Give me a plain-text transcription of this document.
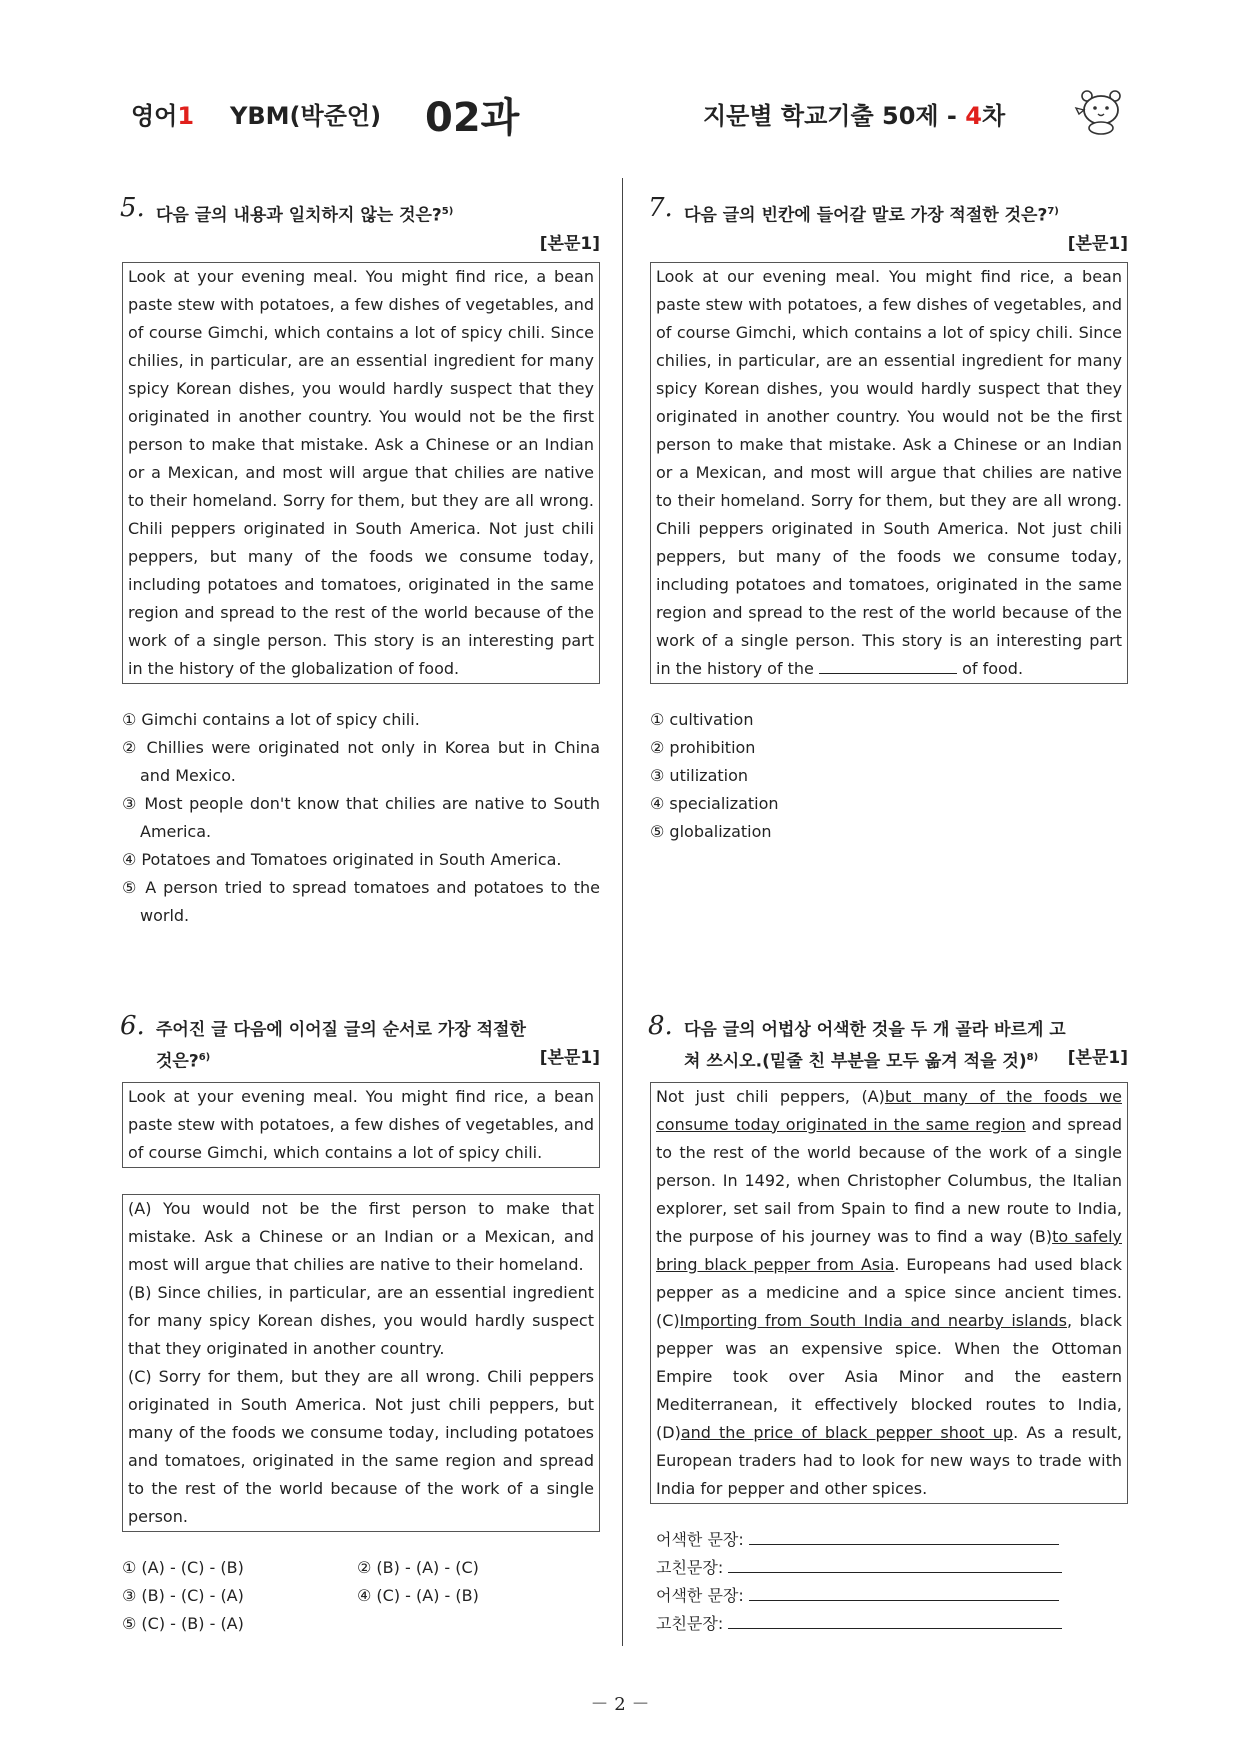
영어1 YBM(박준언) 02과	지문별 학교기출 50제 - 4차
5. 다음 글의 내용과 일치하지 않는 것은?$^{5)}$
[본문1]

Look at your evening meal. You might find rice, a bean paste stew with potatoes, a few dishes of vegetables, and of course Gimchi, which contains a lot of spicy chili. Since chilies, in particular, are an essential ingredient for many spicy Korean dishes, you would hardly suspect that they originated in another country. You would not be the first person to make that mistake. Ask a Chinese or an Indian or a Mexican, and most will argue that chilies are native to their homeland. Sorry for them, but they are all wrong. Chili peppers originated in South America. Not just chili peppers, but many of the foods we consume today, including potatoes and tomatoes, originated in the same region and spread to the rest of the world because of the work of a single person. This story is an interesting part in the history of the globalization of food.

① Gimchi contains a lot of spicy chili.
② Chillies were originated not only in Korea but in China and Mexico.
③ Most people don't know that chilies are native to South America.
④ Potatoes and Tomatoes originated in South America.
⑤ A person tried to spread tomatoes and potatoes to the world.
6. 주어진 글 다음에 이어질 글의 순서로 가장 적절한 것은?$^{6)}$	[본문1]

Look at your evening meal. You might find rice, a bean paste stew with potatoes, a few dishes of vegetables, and of course Gimchi, which contains a lot of spicy chili.

(A) You would not be the first person to make that mistake. Ask a Chinese or an Indian or a Mexican, and most will argue that chilies are native to their homeland.

(B) Since chilies, in particular, are an essential ingredient for many spicy Korean dishes, you would hardly suspect that they originated in another country.

(C) Sorry for them, but they are all wrong. Chili peppers originated in South America. Not just chili peppers, but many of the foods we consume today, including potatoes and tomatoes, originated in the same region and spread to the rest of the world because of the work of a single person.

① (A) - (C) - (B)	② (B) - (A) - (C)
③ (B) - (C) - (A)	④ (C) - (A) - (B)
⑤ (C) - (B) - (A)
7. 다음 글의 빈칸에 들어갈 말로 가장 적절한 것은?$^{7)}$
[본문1]

Look at our evening meal. You might find rice, a bean paste stew with potatoes, a few dishes of vegetables, and of course Gimchi, which contains a lot of spicy chili. Since chilies, in particular, are an essential ingredient for many spicy Korean dishes, you would hardly suspect that they originated in another country. You would not be the first person to make that mistake. Ask a Chinese or an Indian or a Mexican, and most will argue that chilies are native to their homeland. Sorry for them, but they are all wrong. Chili peppers originated in South America. Not just chili peppers, but many of the foods we consume today, including potatoes and tomatoes, originated in the same region and spread to the rest of the world because of the work of a single person. This story is an interesting part in the history of the	of food.

① cultivation
② prohibition
③ utilization
④ specialization
⑤ globalization
8. 다음 글의 어법상 어색한 것을 두 개 골라 바르게 고쳐 쓰시오.(밑줄 친 부분을 모두 옮겨 적을 것)$^{8)}$	[본문1]

Not just chili peppers, (A)but many of the foods we consume today originated in the same region and spread to the rest of the world because of the work of a single person. In 1492, when Christopher Columbus, the Italian explorer, set sail from Spain to find a new route to India, the purpose of his journey was to find a way (B)to safely bring black pepper from Asia. Europeans had used black pepper as a medicine and a spice since ancient times. (C)Importing from South India and nearby islands, black pepper was an expensive spice. When the Ottoman Empire took over Asia Minor and the eastern Mediterranean, it effectively blocked routes to India, (D)and the price of black pepper shoot up. As a result, European traders had to look for new ways to trade with India for pepper and other spices.

어색한 문장:
고친문장:
어색한 문장:
고친문장:
－ 2 －
